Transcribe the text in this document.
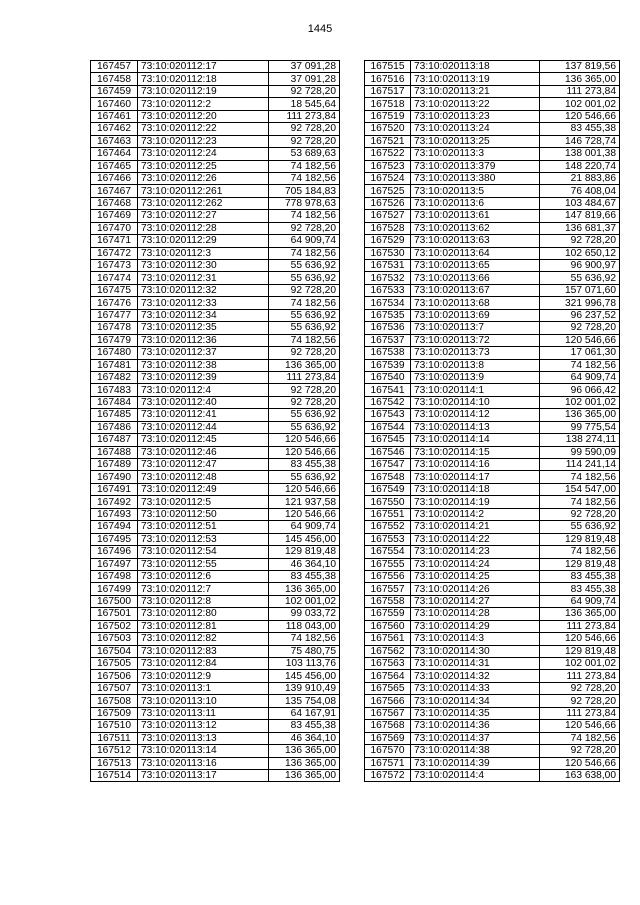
1445
167457	73:10:020112:17	37 091,28
167458	73:10:020112:18	37 091,28
167459	73:10:020112:19	92 728,20
167460	73:10:020112:2	18 545,64
167461	73:10:020112:20	111 273,84
167462	73:10:020112:22	92 728,20
167463	73:10:020112:23	92 728,20
167464	73:10:020112:24	53 689,63
167465	73:10:020112:25	74 182,56
167466	73:10:020112:26	74 182,56
167467	73:10:020112:261	705 184,83
167468	73:10:020112:262	778 978,63
167469	73:10:020112:27	74 182,56
167470	73:10:020112:28	92 728,20
167471	73:10:020112:29	64 909,74
167472	73:10:020112:3	74 182,56
167473	73:10:020112:30	55 636,92
167474	73:10:020112:31	55 636,92
167475	73:10:020112:32	92 728,20
167476	73:10:020112:33	74 182,56
167477	73:10:020112:34	55 636,92
167478	73:10:020112:35	55 636,92
167479	73:10:020112:36	74 182,56
167480	73:10:020112:37	92 728,20
167481	73:10:020112:38	136 365,00
167482	73:10:020112:39	111 273,84
167483	73:10:020112:4	92 728,20
167484	73:10:020112:40	92 728,20
167485	73:10:020112:41	55 636,92
167486	73:10:020112:44	55 636,92
167487	73:10:020112:45	120 546,66
167488	73:10:020112:46	120 546,66
167489	73:10:020112:47	83 455,38
167490	73:10:020112:48	55 636,92
167491	73:10:020112:49	120 546,66
167492	73:10:020112:5	121 937,58
167493	73:10:020112:50	120 546,66
167494	73:10:020112:51	64 909,74
167495	73:10:020112:53	145 456,00
167496	73:10:020112:54	129 819,48
167497	73:10:020112:55	46 364,10
167498	73:10:020112:6	83 455,38
167499	73:10:020112:7	136 365,00
167500	73:10:020112:8	102 001,02
167501	73:10:020112:80	99 033,72
167502	73:10:020112:81	118 043,00
167503	73:10:020112:82	74 182,56
167504	73:10:020112:83	75 480,75
167505	73:10:020112:84	103 113,76
167506	73:10:020112:9	145 456,00
167507	73:10:020113:1	139 910,49
167508	73:10:020113:10	135 754,08
167509	73:10:020113:11	64 167,91
167510	73:10:020113:12	83 455,38
167511	73:10:020113:13	46 364,10
167512	73:10:020113:14	136 365,00
167513	73:10:020113:16	136 365,00
167514	73:10:020113:17	136 365,00
167515	73:10:020113:18	137 819,56
167516	73:10:020113:19	136 365,00
167517	73:10:020113:21	111 273,84
167518	73:10:020113:22	102 001,02
167519	73:10:020113:23	120 546,66
167520	73:10:020113:24	83 455,38
167521	73:10:020113:25	146 728,74
167522	73:10:020113:3	138 001,38
167523	73:10:020113:379	148 220,74
167524	73:10:020113:380	21 883,86
167525	73:10:020113:5	76 408,04
167526	73:10:020113:6	103 484,67
167527	73:10:020113:61	147 819,66
167528	73:10:020113:62	136 681,37
167529	73:10:020113:63	92 728,20
167530	73:10:020113:64	102 650,12
167531	73:10:020113:65	96 900,97
167532	73:10:020113:66	55 636,92
167533	73:10:020113:67	157 071,60
167534	73:10:020113:68	321 996,78
167535	73:10:020113:69	96 237,52
167536	73:10:020113:7	92 728,20
167537	73:10:020113:72	120 546,66
167538	73:10:020113:73	17 061,30
167539	73:10:020113:8	74 182,56
167540	73:10:020113:9	64 909,74
167541	73:10:020114:1	96 066,42
167542	73:10:020114:10	102 001,02
167543	73:10:020114:12	136 365,00
167544	73:10:020114:13	99 775,54
167545	73:10:020114:14	138 274,11
167546	73:10:020114:15	99 590,09
167547	73:10:020114:16	114 241,14
167548	73:10:020114:17	74 182,56
167549	73:10:020114:18	154 547,00
167550	73:10:020114:19	74 182,56
167551	73:10:020114:2	92 728,20
167552	73:10:020114:21	55 636,92
167553	73:10:020114:22	129 819,48
167554	73:10:020114:23	74 182,56
167555	73:10:020114:24	129 819,48
167556	73:10:020114:25	83 455,38
167557	73:10:020114:26	83 455,38
167558	73:10:020114:27	64 909,74
167559	73:10:020114:28	136 365,00
167560	73:10:020114:29	111 273,84
167561	73:10:020114:3	120 546,66
167562	73:10:020114:30	129 819,48
167563	73:10:020114:31	102 001,02
167564	73:10:020114:32	111 273,84
167565	73:10:020114:33	92 728,20
167566	73:10:020114:34	92 728,20
167567	73:10:020114:35	111 273,84
167568	73:10:020114:36	120 546,66
167569	73:10:020114:37	74 182,56
167570	73:10:020114:38	92 728,20
167571	73:10:020114:39	120 546,66
167572	73:10:020114:4	163 638,00
